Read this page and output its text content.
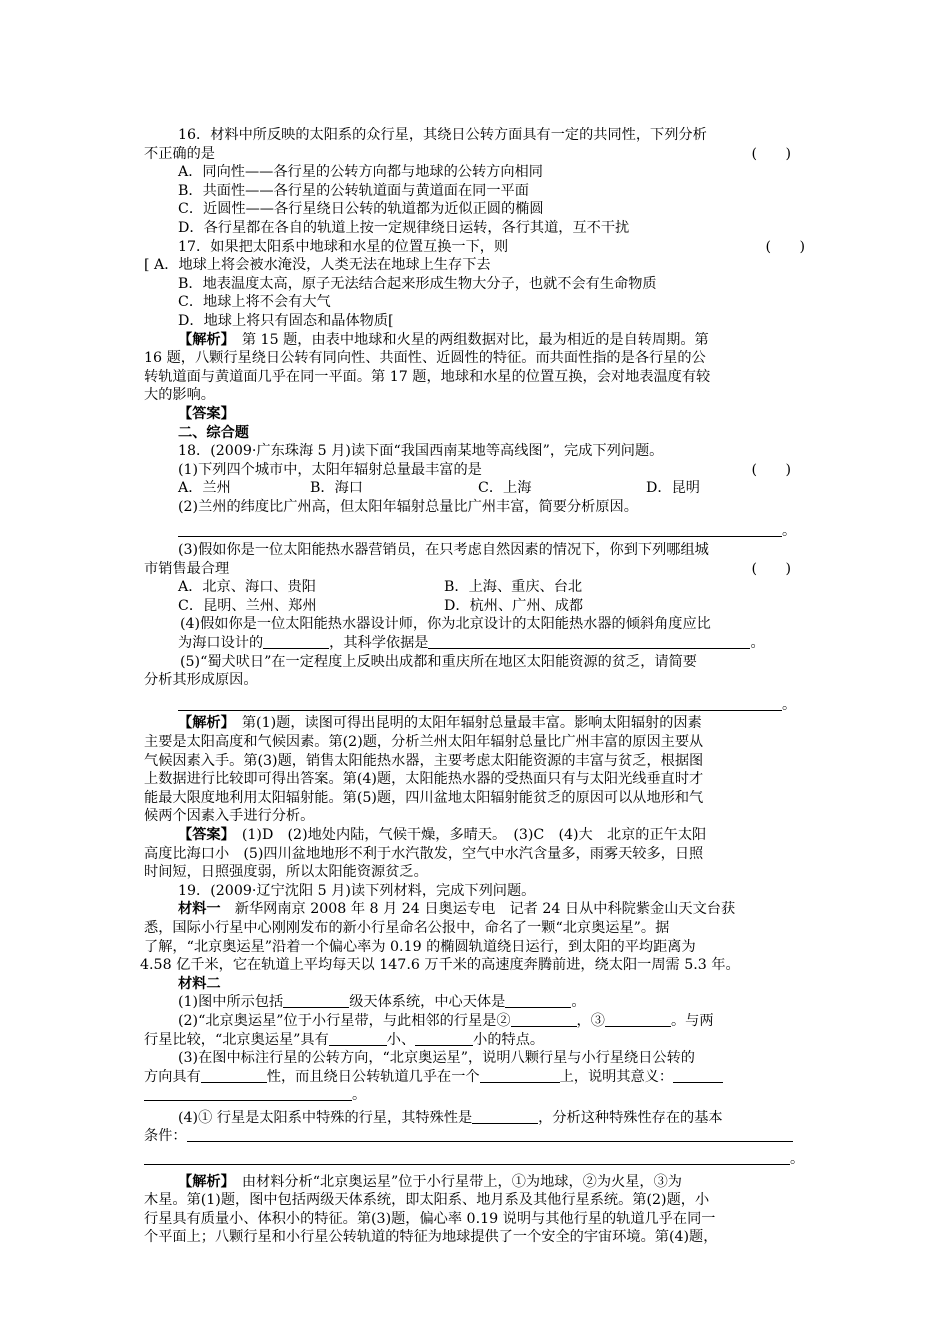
16．材料中所反映的太阳系的众行星，其绕日公转方面具有一定的共同性，下列分析
不正确的是	(　　)
A．同向性——各行星的公转方向都与地球的公转方向相同
B．共面性——各行星的公转轨道面与黄道面在同一平面
C．近圆性——各行星绕日公转的轨道都为近似正圆的椭圆
D．各行星都在各自的轨道上按一定规律绕日运转，各行其道，互不干扰
17．如果把太阳系中地球和水星的位置互换一下，则	(　　)
[ A．地球上将会被水淹没，人类无法在地球上生存下去
B．地表温度太高，原子无法结合起来形成生物大分子，也就不会有生命物质
C．地球上将不会有大气
D．地球上将只有固态和晶体物质[
【解析】　第 15 题，由表中地球和火星的两组数据对比，最为相近的是自转周期。第
16 题，八颗行星绕日公转有同向性、共面性、近圆性的特征。而共面性指的是各行星的公
转轨道面与黄道面几乎在同一平面。第 17 题，地球和水星的位置互换，会对地表温度有较
大的影响。
【答案】
二、综合题
18．(2009·广东珠海 5 月)读下面“我国西南某地等高线图”，完成下列问题。
(1)下列四个城市中，太阳年辐射总量最丰富的是	(　　)
A．兰州	B．海口	C．上海	D．昆明
(2)兰州的纬度比广州高，但太阳年辐射总量比广州丰富，简要分析原因。
。
(3)假如你是一位太阳能热水器营销员，在只考虑自然因素的情况下，你到下列哪组城
市销售最合理	(　　)
A．北京、海口、贵阳	B．上海、重庆、台北
C．昆明、兰州、郑州	D．杭州、广州、成都
(4)假如你是一位太阳能热水器设计师，你为北京设计的太阳能热水器的倾斜角度应比
为海口设计的	，其科学依据是	。
(5)“蜀犬吠日”在一定程度上反映出成都和重庆所在地区太阳能资源的贫乏，请简要
分析其形成原因。
。
【解析】　第(1)题，读图可得出昆明的太阳年辐射总量最丰富。影响太阳辐射的因素
主要是太阳高度和气候因素。第(2)题，分析兰州太阳年辐射总量比广州丰富的原因主要从
气候因素入手。第(3)题，销售太阳能热水器，主要考虑太阳能资源的丰富与贫乏，根据图
上数据进行比较即可得出答案。第(4)题，太阳能热水器的受热面只有与太阳光线垂直时才
能最大限度地利用太阳辐射能。第(5)题，四川盆地太阳辐射能贫乏的原因可以从地形和气
候两个因素入手进行分析。
【答案】　(1)D　(2)地处内陆，气候干燥，多晴天。　(3)C　(4)大　北京的正午太阳
高度比海口小　(5)四川盆地地形不利于水汽散发，空气中水汽含量多，雨雾天较多，日照
时间短，日照强度弱，所以太阳能资源贫乏。
19．(2009·辽宁沈阳 5 月)读下列材料，完成下列问题。
材料一　新华网南京 2008 年 8 月 24 日奥运专电　记者 24 日从中科院紫金山天文台获
悉，国际小行星中心刚刚发布的新小行星命名公报中，命名了一颗“北京奥运星”。据
了解，“北京奥运星”沿着一个偏心率为 0.19 的椭圆轨道绕日运行，到太阳的平均距离为
4.58 亿千米，它在轨道上平均每天以 147.6 万千米的高速度奔腾前进，绕太阳一周需 5.3 年。
材料二
(1)图中所示包括	级天体系统，中心天体是	。
(2)“北京奥运星”位于小行星带，与此相邻的行星是②	，③	。与两
行星比较，“北京奥运星”具有	小、	小的特点。
(3)在图中标注行星的公转方向，“北京奥运星”，说明八颗行星与小行星绕日公转的
方向具有	性，而且绕日公转轨道几乎在一个	上，说明其意义：
。
(4)① 行星是太阳系中特殊的行星，其特殊性是	，分析这种特殊性存在的基本
条件：
。
【解析】　由材料分析“北京奥运星”位于小行星带上，①为地球，②为火星，③为
木星。第(1)题，图中包括两级天体系统，即太阳系、地月系及其他行星系统。第(2)题，小
行星具有质量小、体积小的特征。第(3)题，偏心率 0.19 说明与其他行星的轨道几乎在同一
个平面上；八颗行星和小行星公转轨道的特征为地球提供了一个安全的宇宙环境。第(4)题，
